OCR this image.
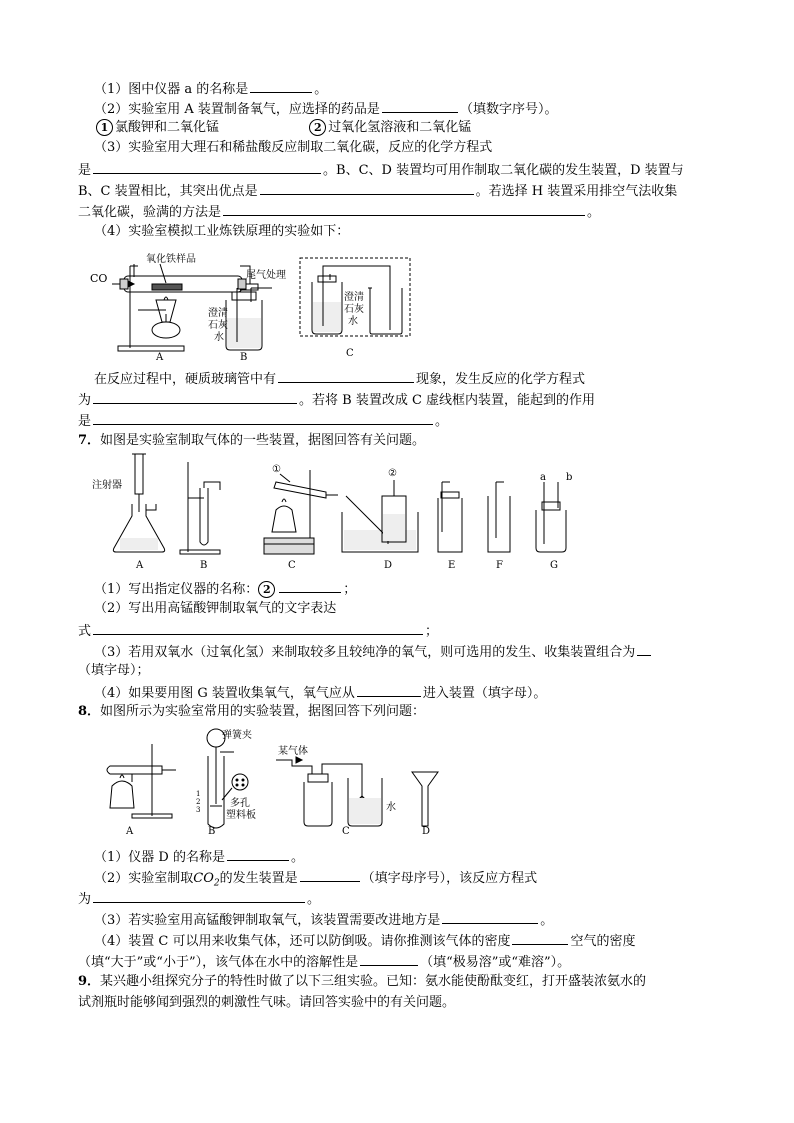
（1）图中仪器 a 的名称是	。
（2）实验室用 A 装置制备氧气，应选择的药品是	（填数字序号）。
1 氯酸钾和二氧化锰	2 过氧化氢溶液和二氧化锰
（3）实验室用大理石和稀盐酸反应制取二氧化碳，反应的化学方程式
是	。B、C、D 装置均可用作制取二氧化碳的发生装置，D 装置与
B、C 装置相比，其突出优点是	。若选择 H 装置采用排空气法收集
二氧化碳，验满的方法是	。
（4）实验室模拟工业炼铁原理的实验如下：
CO
氧化铁样品
尾气处理
澄清
石灰
水
澄清
石灰
水
A	B	C
在反应过程中，硬质玻璃管中有	现象，发生反应的化学方程式
为	。若将 B 装置改成 C 虚线框内装置，能起到的作用
是	。
7．如图是实验室制取气体的一些装置，据图回答有关问题。
注射器
①	②	a b
A	B	C	D	E	F	G
（1）写出指定仪器的名称： 2	；
（2）写出用高锰酸钾制取氧气的文字表达
式	；
（3）若用双氧水（过氧化氢）来制取较多且较纯净的氧气，则可选用的发生、收集装置组合为
（填字母）；
（4）如果要用图 G 装置收集氧气，氧气应从	进入装置（填字母）。
8．如图所示为实验室常用的实验装置，据图回答下列问题：
弹簧夹
多孔
塑料板
1
2
3
某气体
水
A	B	C	D
（1）仪器 D 的名称是	。
（2）实验室制取$CO_2$的发生装置是	（填字母序号），该反应方程式
为	。
（3）若实验室用高锰酸钾制取氧气，该装置需要改进地方是	。
（4）装置 C 可以用来收集气体，还可以防倒吸。请你推测该气体的密度	空气的密度
（填“大于”或“小于”），该气体在水中的溶解性是	（填“极易溶”或“难溶”）。
9．某兴趣小组探究分子的特性时做了以下三组实验。已知：氨水能使酚酞变红，打开盛装浓氨水的
试剂瓶时能够闻到强烈的刺激性气味。请回答实验中的有关问题。
